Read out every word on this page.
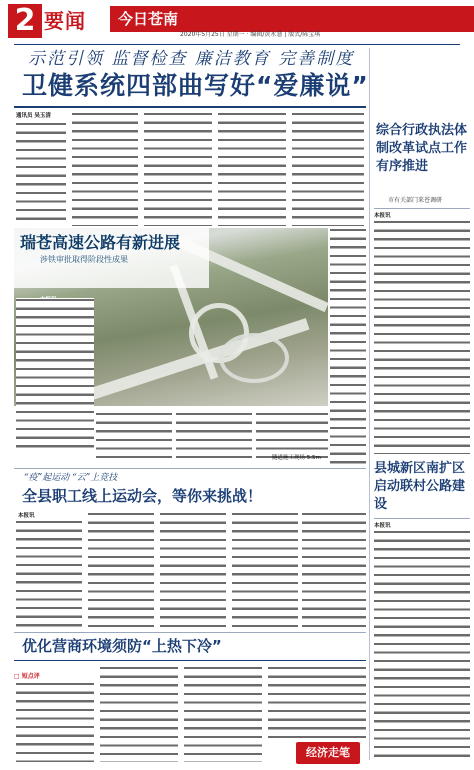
2 要闻 今日苍南
2020年5月25日 星期一 · 编辑/黄永慧 | 版式/陈宝琪
示范引领 监督检查 廉洁教育 完善制度
卫健系统四部曲写好“爱廉说”
通讯员 吴玉清
瑞苍高速公路有新进展
涉铁审批取得阶段性成果
隧道施工现场 5.5m
综合行政执法体制改革试点工作有序推进
市有关部门来苍调研
本报讯
县城新区南扩区启动联村公路建设
本报讯
“疫”起运动 “云”上竞技
全县职工线上运动会，等你来挑战！
本报讯
优化营商环境须防“上热下冷”
□ 短点评
经济走笔
